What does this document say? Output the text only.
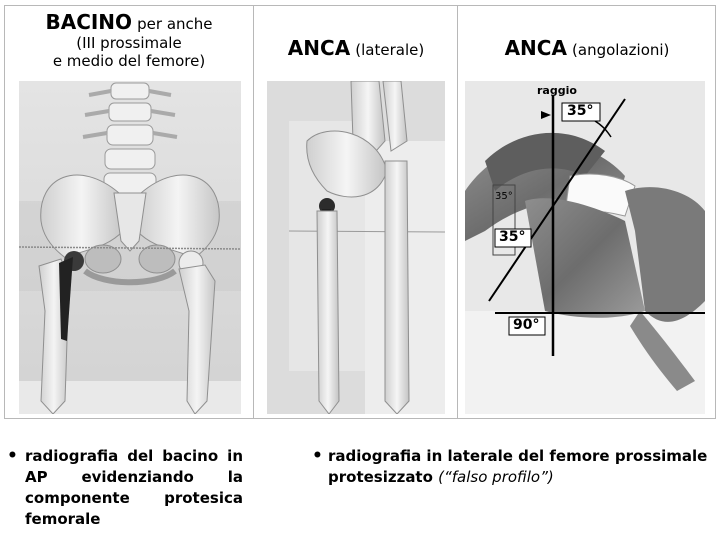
BACINO per anche
(III prossimale
e medio del femore)
ANCA (laterale)	ANCA (angolazioni)
raggio
35°
35°
35°
90°
• radiografia del bacino in AP evidenziando la componente protesica femorale
• radiografia in laterale del femore prossimale protesizzato (“falso profilo”)
